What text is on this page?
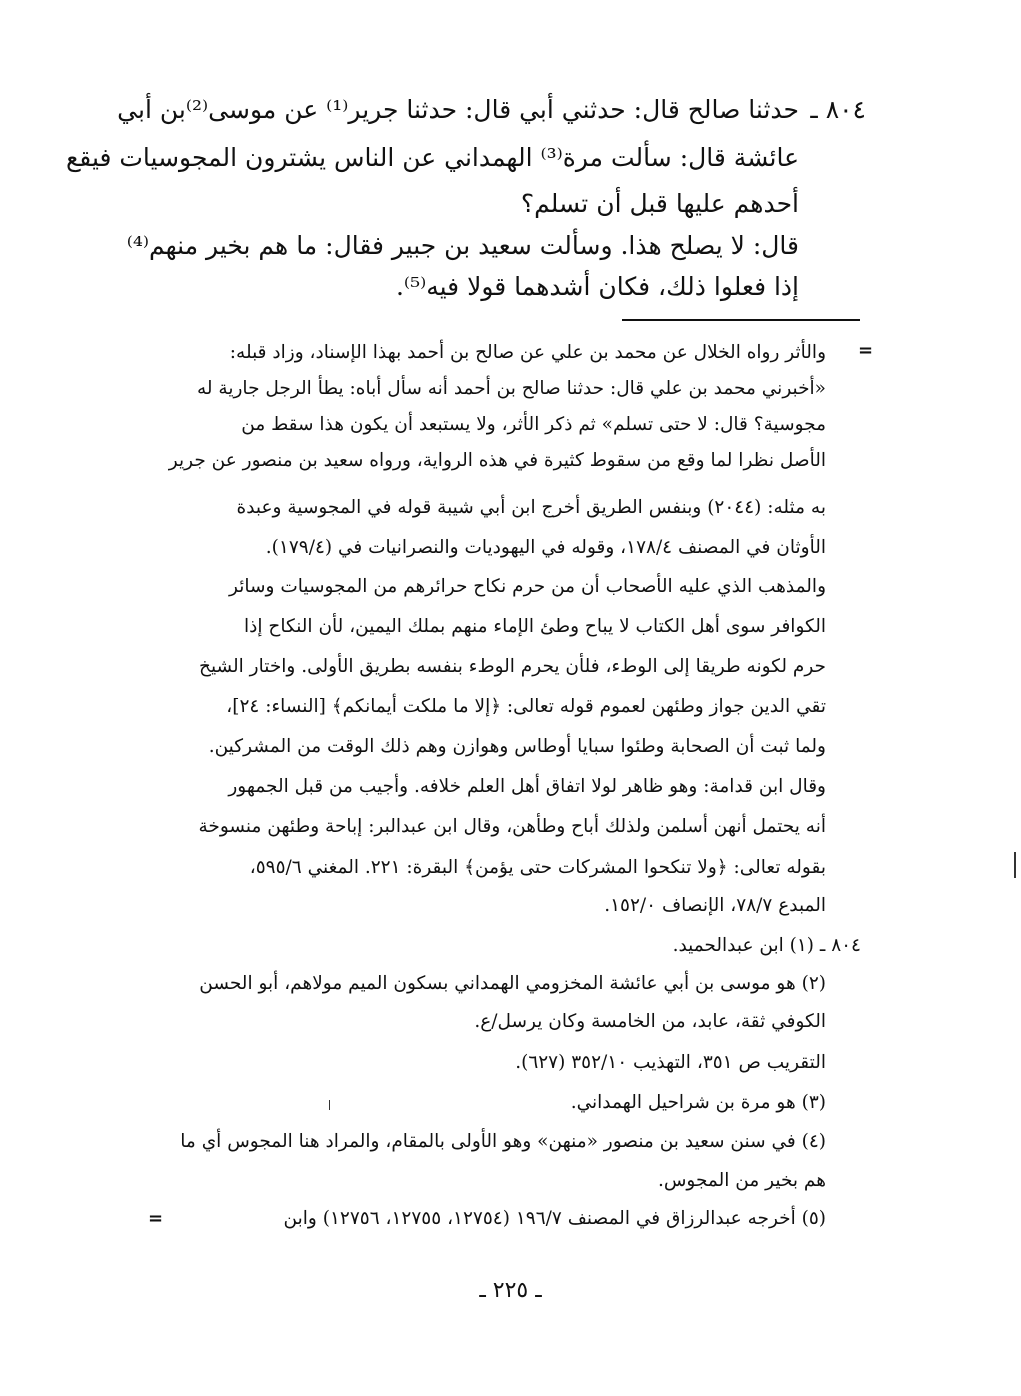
٨٠٤ ـ
حدثنا صالح قال: حدثني أبي قال: حدثنا جرير⁽¹⁾ عن موسى⁽²⁾بن أبي
عائشة قال: سألت مرة⁽³⁾ الهمداني عن الناس يشترون المجوسيات فيقع
أحدهم عليها قبل أن تسلم؟
قال: لا يصلح هذا. وسألت سعيد بن جبير فقال: ما هم بخير منهم⁽⁴⁾
إذا فعلوا ذلك، فكان أشدهما قولا فيه⁽⁵⁾.
=
والأثر رواه الخلال عن محمد بن علي عن صالح بن أحمد بهذا الإسناد، وزاد قبله:
«أخبرني محمد بن علي قال: حدثنا صالح بن أحمد أنه سأل أباه: يطأ الرجل جارية له
مجوسية؟ قال: لا حتى تسلم» ثم ذكر الأثر، ولا يستبعد أن يكون هذا سقط من
الأصل نظرا لما وقع من سقوط كثيرة في هذه الرواية، ورواه سعيد بن منصور عن جرير
به مثله: (٢٠٤٤) وبنفس الطريق أخرج ابن أبي شيبة قوله في المجوسية وعبدة
الأوثان في المصنف ١٧٨/٤، وقوله في اليهوديات والنصرانيات في (١٧٩/٤).
والمذهب الذي عليه الأصحاب أن من حرم نكاح حرائرهم من المجوسيات وسائر
الكوافر سوى أهل الكتاب لا يباح وطئ الإماء منهم بملك اليمين، لأن النكاح إذا
حرم لكونه طريقا إلى الوطء، فلأن يحرم الوطء بنفسه بطريق الأولى. واختار الشيخ
تقي الدين جواز وطئهن لعموم قوله تعالى: ﴿إلا ما ملكت أيمانكم﴾ [النساء: ٢٤]،
ولما ثبت أن الصحابة وطئوا سبايا أوطاس وهوازن وهم ذلك الوقت من المشركين.
وقال ابن قدامة: وهو ظاهر لولا اتفاق أهل العلم خلافه. وأجيب من قبل الجمهور
أنه يحتمل أنهن أسلمن ولذلك أباح وطأهن، وقال ابن عبدالبر: إباحة وطئهن منسوخة
بقوله تعالى: ﴿ولا تنكحوا المشركات حتى يؤمن﴾ البقرة: ٢٢١. المغني ٥٩٥/٦،
المبدع ٧٨/٧، الإنصاف ١٥٢/٠.
٨٠٤ ـ (١) ابن عبدالحميد.
(٢) هو موسى بن أبي عائشة المخزومي الهمداني بسكون الميم مولاهم، أبو الحسن
الكوفي ثقة، عابد، من الخامسة وكان يرسل/ع.
التقريب ص ٣٥١، التهذيب ٣٥٢/١٠ (٦٢٧).
(٣) هو مرة بن شراحيل الهمداني.
(٤) في سنن سعيد بن منصور «منهن» وهو الأولى بالمقام، والمراد هنا المجوس أي ما
هم بخير من المجوس.
(٥) أخرجه عبدالرزاق في المصنف ١٩٦/٧ (١٢٧٥٤، ١٢٧٥٥، ١٢٧٥٦) وابن
=
ـ ٢٢٥ ـ
